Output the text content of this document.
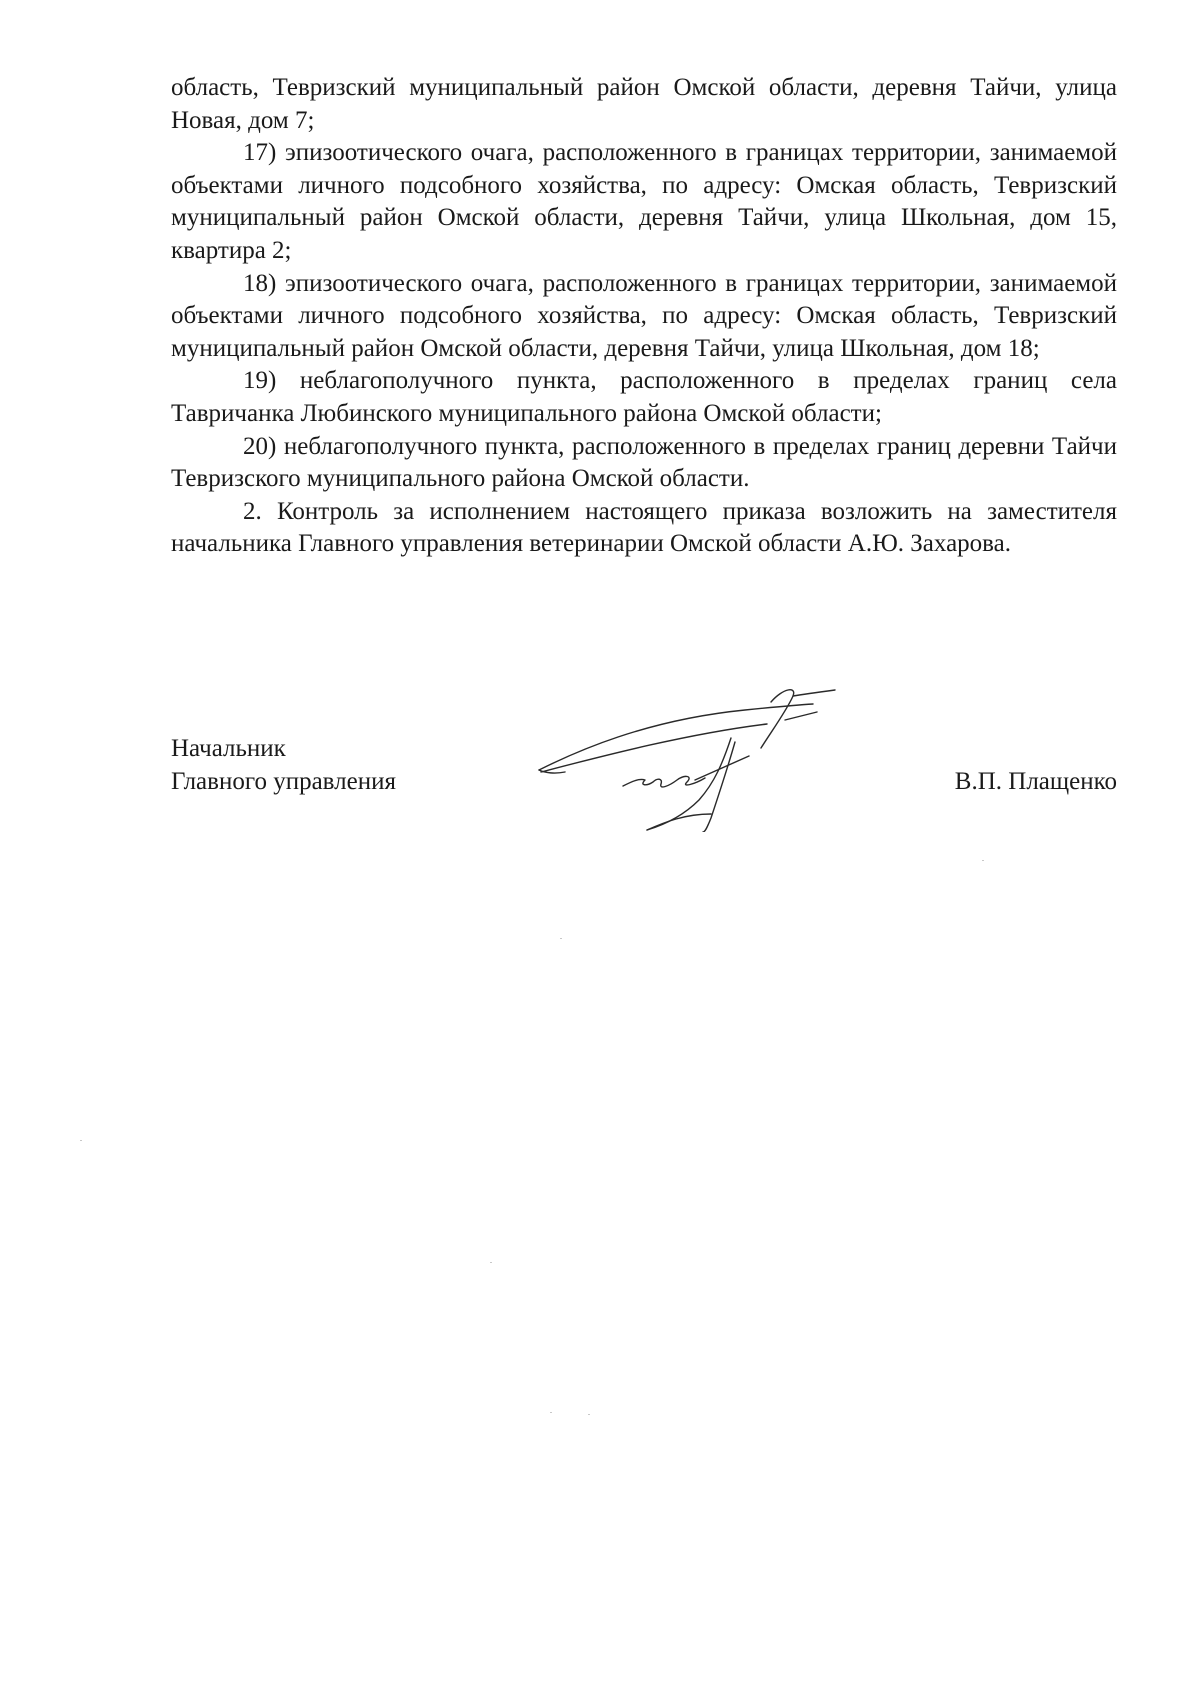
область, Тевризский муниципальный район Омской области, деревня Тайчи, улица Новая, дом 7;

17) эпизоотического очага, расположенного в границах территории, занимаемой объектами личного подсобного хозяйства, по адресу: Омская область, Тевризский муниципальный район Омской области, деревня Тайчи, улица Школьная, дом 15, квартира 2;

18) эпизоотического очага, расположенного в границах территории, занимаемой объектами личного подсобного хозяйства, по адресу: Омская область, Тевризский муниципальный район Омской области, деревня Тайчи, улица Школьная, дом 18;

19) неблагополучного пункта, расположенного в пределах границ села Тавричанка Любинского муниципального района Омской области;

20) неблагополучного пункта, расположенного в пределах границ деревни Тайчи Тевризского муниципального района Омской области.

2. Контроль за исполнением настоящего приказа возложить на заместителя начальника Главного управления ветеринарии Омской области А.Ю. Захарова.

Начальник
Главного управления	В.П. Плащенко
